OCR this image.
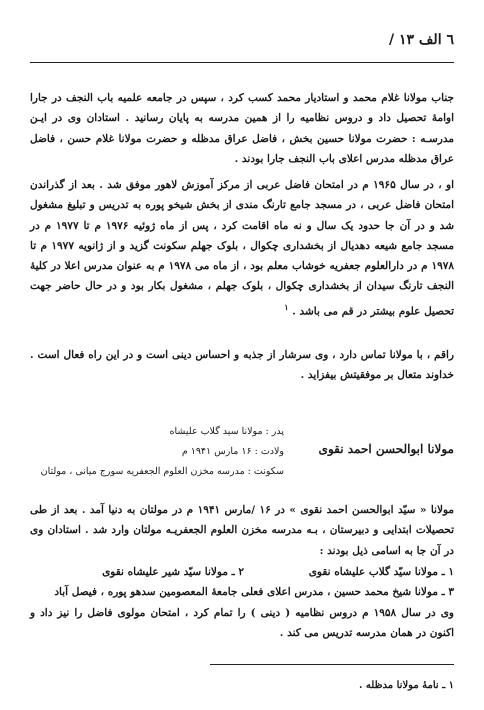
٦ الف ١٣ /
جناب مولانا غلام محمد و استادیار محمد کسب کرد ، سپس در جامعه علمیه باب النجف در جارا اوامهٔ تحصیل داد و دروس نظامیه را از همین مدرسه به پایان رسانید . استادان وی در ایـن مدرسـه : حضرت مولانا حسین بخش ، فاضل عراق مدظله و حضرت مولانا غلام حسن ، فاضل عراق مدظله مدرس اعلای باب النجف جارا بودند .
او ، در سال ۱۹۶۵ م در امتحان فاضل عربی از مرکز آموزش لاهور موفق شد . بعد از گذراندن امتحان فاضل عربی ، در مسجد جامع تارنگ مندی از بخش شیخو پوره به تدریس و تبلیغ مشغول شد و در آن جا حدود یک سال و نه ماه اقامت کرد ، پس از ماه ژوئیه ۱۹۷۶ م تا ۱۹۷۷ م در مسجد جامع شیعه دهدیال از بخشداری چکوال ، بلوک جهلم سکونت گزید و از ژانویه ۱۹۷۷ م تا ۱۹۷۸ م در دارالعلوم جعفریه خوشاب معلم بود ، از ماه می ۱۹۷۸ م به عنوان مدرس اعلا در کلیهٔ النجف تارنگ سیدان از بخشداری چکوال ، بلوک جهلم ، مشغول بکار بود و در حال حاضر جهت تحصیل علوم بیشتر در قم می باشد . $^۱$
راقم ، با مولانا تماس دارد ، وی سرشار از جذبه و احساس دینی است و در این راه فعال است . خداوند متعال بر موفقیتش بیفزاید .
پدر : مولانا سید گلاب علیشاه
مولانا ابوالحسن احمد نقوی
ولادت : ۱۶ مارس ۱۹۴۱ م
سکونت : مدرسه مخزن العلوم الجعفریه سورج میانی ، مولتان
مولانا « سیّد ابوالحسن احمد نقوی » در ۱۶ /مارس ۱۹۴۱ م در مولتان به دنیا آمد . بعد از طی تحصیلات ابتدایی و دبیرستان ، بـه مدرسه مخزن العلوم الجعفریـه مولتان وارد شد . استادان وی در آن جا به اسامی ذیل بودند :
۱ ـ مولانا سیّد گلاب علیشاه نقوی
۲ ـ مولانا سیّد شیر علیشاه نقوی
۳ ـ مولانا شیخ محمد حسین ، مدرس اعلای فعلی جامعهٔ المعصومین سدهو پوره ، فیصل آباد
وی در سال ۱۹۵۸ م دروس نظامیه ( دینی ) را تمام کرد ، امتحان مولوی فاضل را نیز داد و اکنون در همان مدرسه تدریس می کند .
۱ ـ نامهٔ مولانا مدظله .
